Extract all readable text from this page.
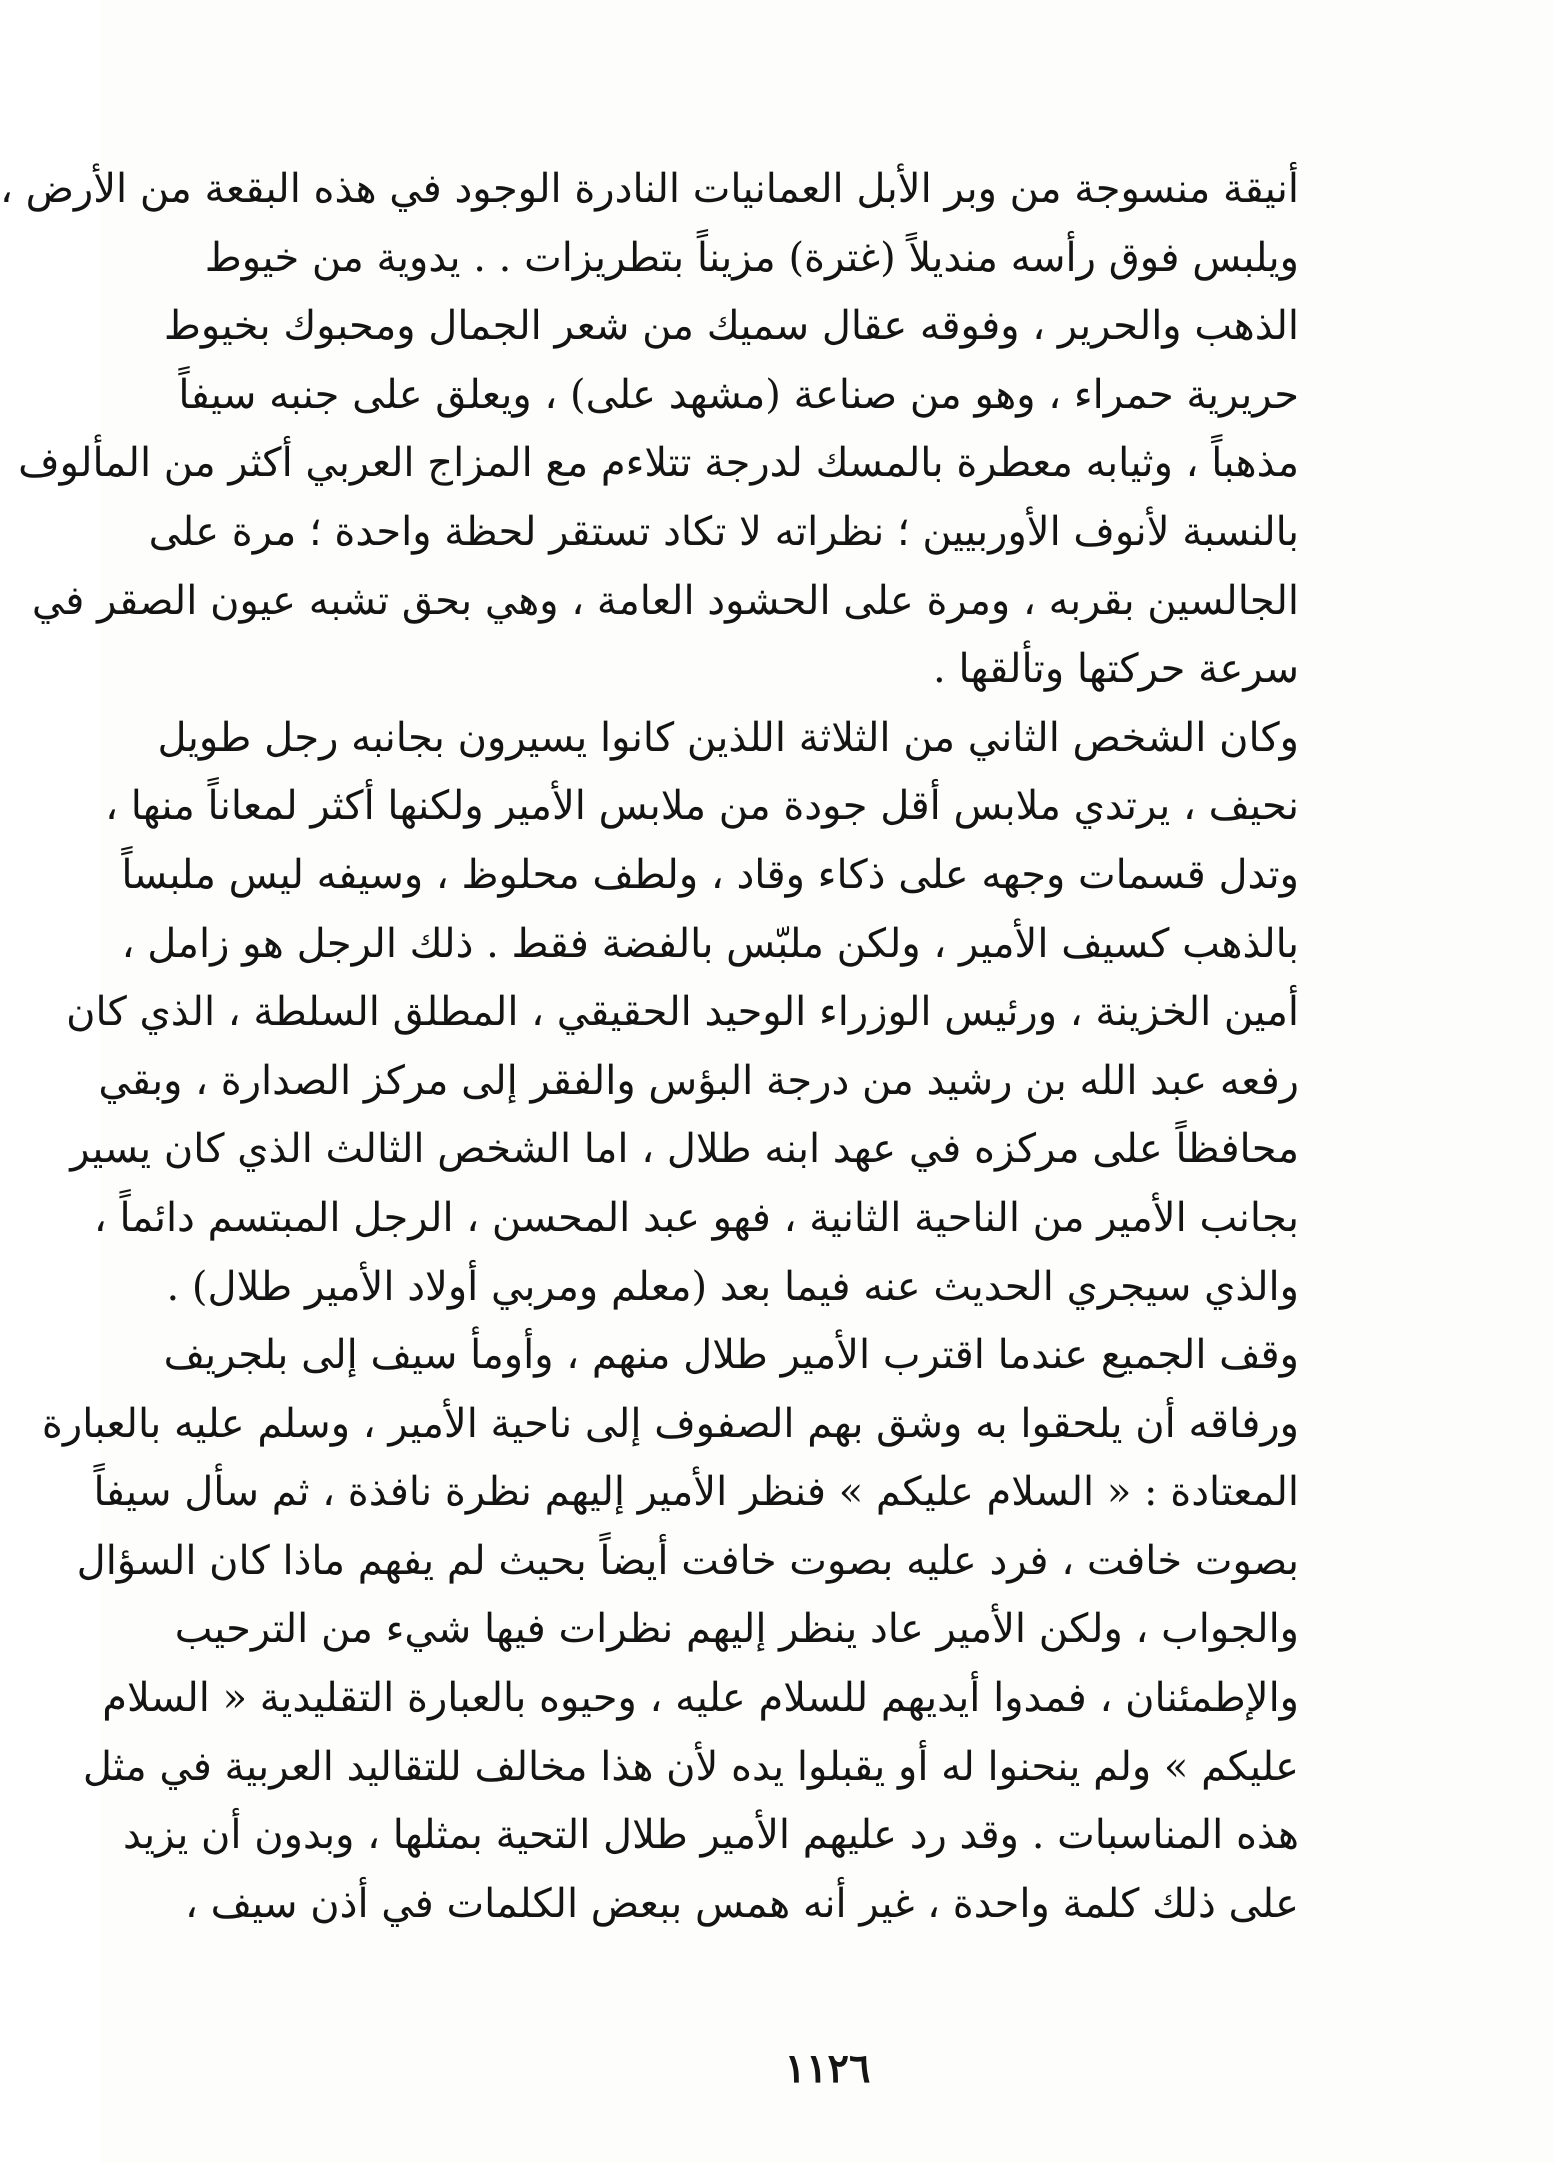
أنيقة منسوجة من وبر الأبل العمانيات النادرة الوجود في هذه البقعة من الأرض ،
ويلبس فوق رأسه منديلاً (غترة) مزيناً بتطريزات . . يدوية من خيوط
الذهب والحرير ، وفوقه عقال سميك من شعر الجمال ومحبوك بخيوط
حريرية حمراء ، وهو من صناعة (مشهد على) ، ويعلق على جنبه سيفاً
مذهباً ، وثيابه معطرة بالمسك لدرجة تتلاءم مع المزاج العربي أكثر من المألوف
بالنسبة لأنوف الأوربيين ؛ نظراته لا تكاد تستقر لحظة واحدة ؛ مرة على
الجالسين بقربه ، ومرة على الحشود العامة ، وهي بحق تشبه عيون الصقر في
سرعة حركتها وتألقها .
وكان الشخص الثاني من الثلاثة اللذين كانوا يسيرون بجانبه رجل طويل
نحيف ، يرتدي ملابس أقل جودة من ملابس الأمير ولكنها أكثر لمعاناً منها ،
وتدل قسمات وجهه على ذكاء وقاد ، ولطف محلوظ ، وسيفه ليس ملبساً
بالذهب كسيف الأمير ، ولكن ملبّس بالفضة فقط . ذلك الرجل هو زامل ،
أمين الخزينة ، ورئيس الوزراء الوحيد الحقيقي ، المطلق السلطة ، الذي كان
رفعه عبد الله بن رشيد من درجة البؤس والفقر إلى مركز الصدارة ، وبقي
محافظاً على مركزه في عهد ابنه طلال ، اما الشخص الثالث الذي كان يسير
بجانب الأمير من الناحية الثانية ، فهو عبد المحسن ، الرجل المبتسم دائماً ،
والذي سيجري الحديث عنه فيما بعد (معلم ومربي أولاد الأمير طلال) .
وقف الجميع عندما اقترب الأمير طلال منهم ، وأومأ سيف إلى بلجريف
ورفاقه أن يلحقوا به وشق بهم الصفوف إلى ناحية الأمير ، وسلم عليه بالعبارة
المعتادة : « السلام عليكم » فنظر الأمير إليهم نظرة نافذة ، ثم سأل سيفاً
بصوت خافت ، فرد عليه بصوت خافت أيضاً بحيث لم يفهم ماذا كان السؤال
والجواب ، ولكن الأمير عاد ينظر إليهم نظرات فيها شيء من الترحيب
والإطمئنان ، فمدوا أيديهم للسلام عليه ، وحيوه بالعبارة التقليدية « السلام
عليكم » ولم ينحنوا له أو يقبلوا يده لأن هذا مخالف للتقاليد العربية في مثل
هذه المناسبات . وقد رد عليهم الأمير طلال التحية بمثلها ، وبدون أن يزيد
على ذلك كلمة واحدة ، غير أنه همس ببعض الكلمات في أذن سيف ،
١١٢٦
